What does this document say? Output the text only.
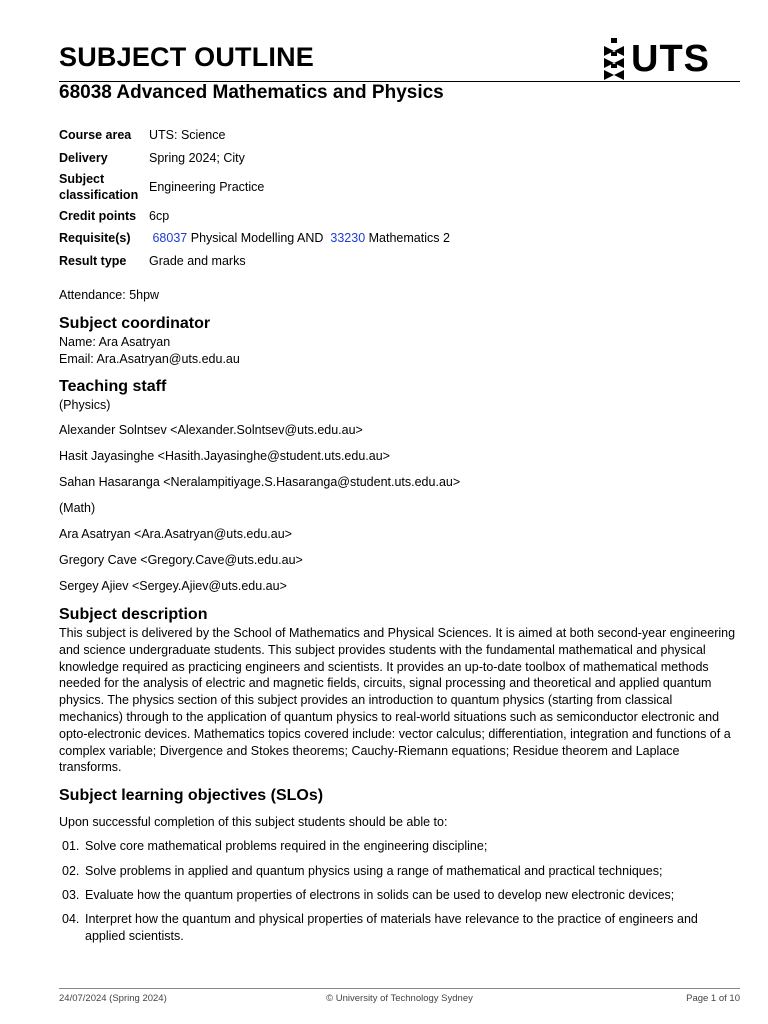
SUBJECT OUTLINE	UTS
68038 Advanced Mathematics and Physics
Course area	UTS: Science
Delivery	Spring 2024; City
Subject
classification	Engineering Practice
Credit points	6cp
Requisite(s)	68037 Physical Modelling AND 33230 Mathematics 2
Result type	Grade and marks
Attendance: 5hpw
Subject coordinator
Name: Ara Asatryan
Email: Ara.Asatryan@uts.edu.au
Teaching staff
(Physics)
Alexander Solntsev <Alexander.Solntsev@uts.edu.au>
Hasit Jayasinghe <Hasith.Jayasinghe@student.uts.edu.au>
Sahan Hasaranga <Neralampitiyage.S.Hasaranga@student.uts.edu.au>
(Math)
Ara Asatryan <Ara.Asatryan@uts.edu.au>
Gregory Cave <Gregory.Cave@uts.edu.au>
Sergey Ajiev <Sergey.Ajiev@uts.edu.au>
Subject description

This subject is delivered by the School of Mathematics and Physical Sciences. It is aimed at both second-year engineering and science undergraduate students. This subject provides students with the fundamental mathematical and physical knowledge required as practicing engineers and scientists. It provides an up-to-date toolbox of mathematical methods needed for the analysis of electric and magnetic fields, circuits, signal processing and theoretical and applied quantum physics. The physics section of this subject provides an introduction to quantum physics (starting from classical mechanics) through to the application of quantum physics to real-world situations such as semiconductor electronic and opto-electronic devices. Mathematics topics covered include: vector calculus; differentiation, integration and functions of a complex variable; Divergence and Stokes theorems; Cauchy-Riemann equations; Residue theorem and Laplace transforms.

Subject learning objectives (SLOs)
Upon successful completion of this subject students should be able to:
01. Solve core mathematical problems required in the engineering discipline;
02. Solve problems in applied and quantum physics using a range of mathematical and practical techniques;
03. Evaluate how the quantum properties of electrons in solids can be used to develop new electronic devices;
04. Interpret how the quantum and physical properties of materials have relevance to the practice of engineers and applied scientists.
24/07/2024 (Spring 2024)	© University of Technology Sydney	Page 1 of 10
